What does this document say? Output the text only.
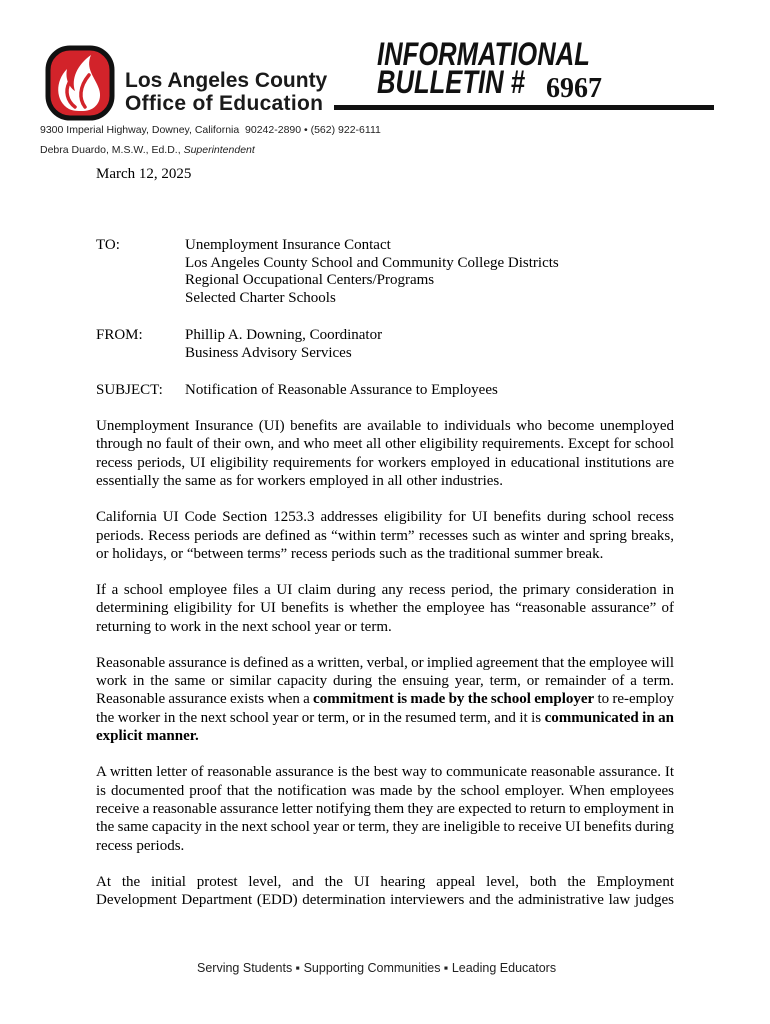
Los Angeles County
Office of Education
INFORMATIONAL
BULLETIN # 6967
9300 Imperial Highway, Downey, California  90242-2890 • (562) 922-6111
Debra Duardo, M.S.W., Ed.D., Superintendent
March 12, 2025
TO:	Unemployment Insurance Contact
Los Angeles County School and Community College Districts
Regional Occupational Centers/Programs
Selected Charter Schools
FROM:	Phillip A. Downing, Coordinator
Business Advisory Services
SUBJECT: Notification of Reasonable Assurance to Employees
Unemployment Insurance (UI) benefits are available to individuals who become unemployed
through no fault of their own, and who meet all other eligibility requirements. Except for school
recess periods, UI eligibility requirements for workers employed in educational institutions are
essentially the same as for workers employed in all other industries.
California UI Code Section 1253.3 addresses eligibility for UI benefits during school recess
periods. Recess periods are defined as “within term” recesses such as winter and spring breaks,
or holidays, or “between terms” recess periods such as the traditional summer break.
If a school employee files a UI claim during any recess period, the primary consideration in
determining eligibility for UI benefits is whether the employee has “reasonable assurance” of
returning to work in the next school year or term.
Reasonable assurance is defined as a written, verbal, or implied agreement that the employee will
work in the same or similar capacity during the ensuing year, term, or remainder of a term.
Reasonable assurance exists when a commitment is made by the school employer to re-employ
the worker in the next school year or term, or in the resumed term, and it is communicated in an
explicit manner.
A written letter of reasonable assurance is the best way to communicate reasonable assurance. It
is documented proof that the notification was made by the school employer. When employees
receive a reasonable assurance letter notifying them they are expected to return to employment in
the same capacity in the next school year or term, they are ineligible to receive UI benefits during
recess periods.
At the initial protest level, and the UI hearing appeal level, both the Employment
Development Department (EDD) determination interviewers and the administrative law judges
Serving Students ▪ Supporting Communities ▪ Leading Educators
